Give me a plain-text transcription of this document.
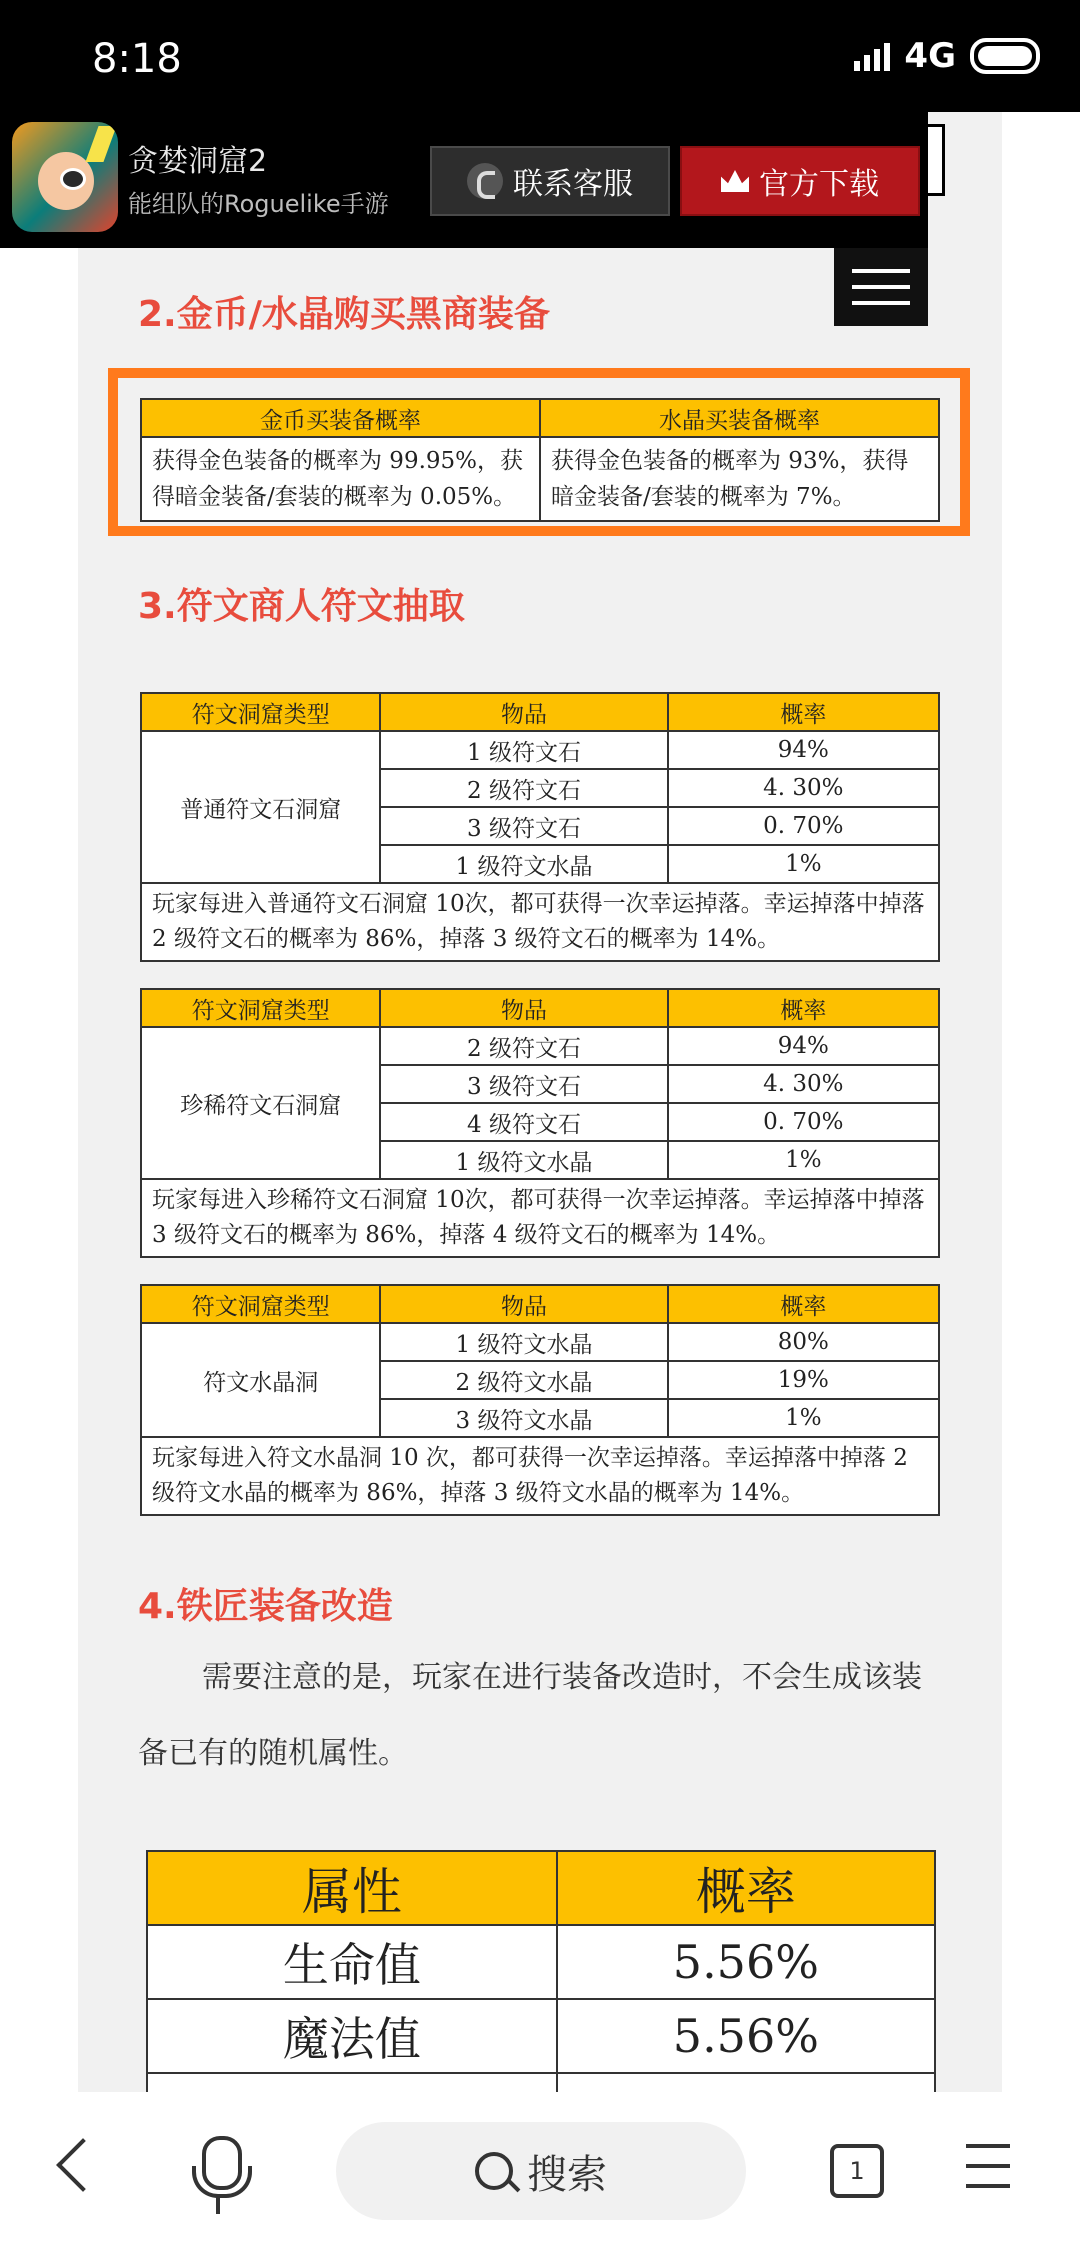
8:18	4G
贪婪洞窟2
能组队的Roguelike手游
联系客服	官方下载
2.金币/水晶购买黑商装备
金币买装备概率	水晶买装备概率
获得金色装备的概率为 99.95%，获得暗金装备/套装的概率为 0.05%。	获得金色装备的概率为 93%，获得暗金装备/套装的概率为 7%。
3.符文商人符文抽取
符文洞窟类型	物品	概率
普通符文石洞窟	1 级符文石	94%
	2 级符文石	4. 30%
	3 级符文石	0. 70%
	1 级符文水晶	1%
玩家每进入普通符文石洞窟 10次，都可获得一次幸运掉落。幸运掉落中掉落 2 级符文石的概率为 86%，掉落 3 级符文石的概率为 14%。		
符文洞窟类型	物品	概率
珍稀符文石洞窟	2 级符文石	94%
	3 级符文石	4. 30%
	4 级符文石	0. 70%
	1 级符文水晶	1%
玩家每进入珍稀符文石洞窟 10次，都可获得一次幸运掉落。幸运掉落中掉落 3 级符文石的概率为 86%，掉落 4 级符文石的概率为 14%。		
符文洞窟类型	物品	概率
符文水晶洞	1 级符文水晶	80%
	2 级符文水晶	19%
	3 级符文水晶	1%
玩家每进入符文水晶洞 10 次，都可获得一次幸运掉落。幸运掉落中掉落 2 级符文水晶的概率为 86%，掉落 3 级符文水晶的概率为 14%。		
4.铁匠装备改造
需要注意的是，玩家在进行装备改造时，不会生成该装备已有的随机属性。
属性	概率
生命值	5.56%
魔法值	5.56%

搜索	1
